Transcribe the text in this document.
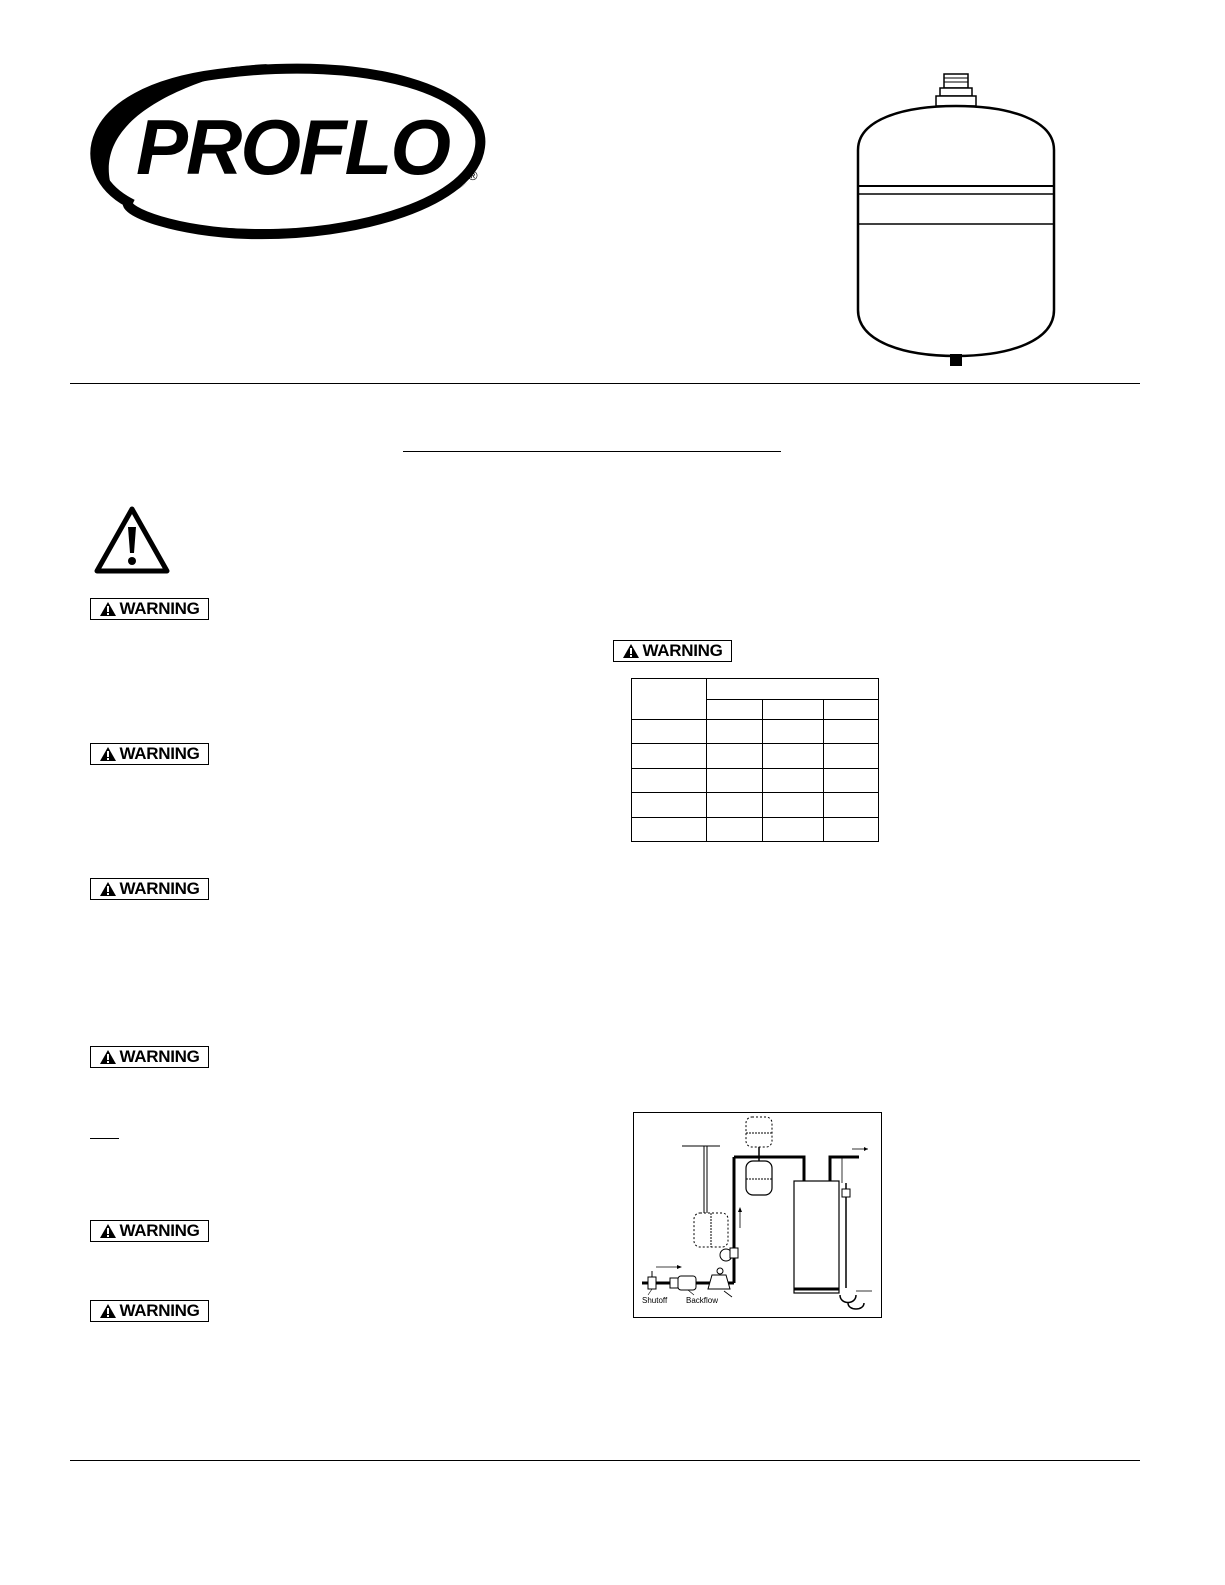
PROFLO ®
WARNING
WARNING
WARNING
WARNING
WARNING
WARNING
WARNING

Shutoff Backflow
